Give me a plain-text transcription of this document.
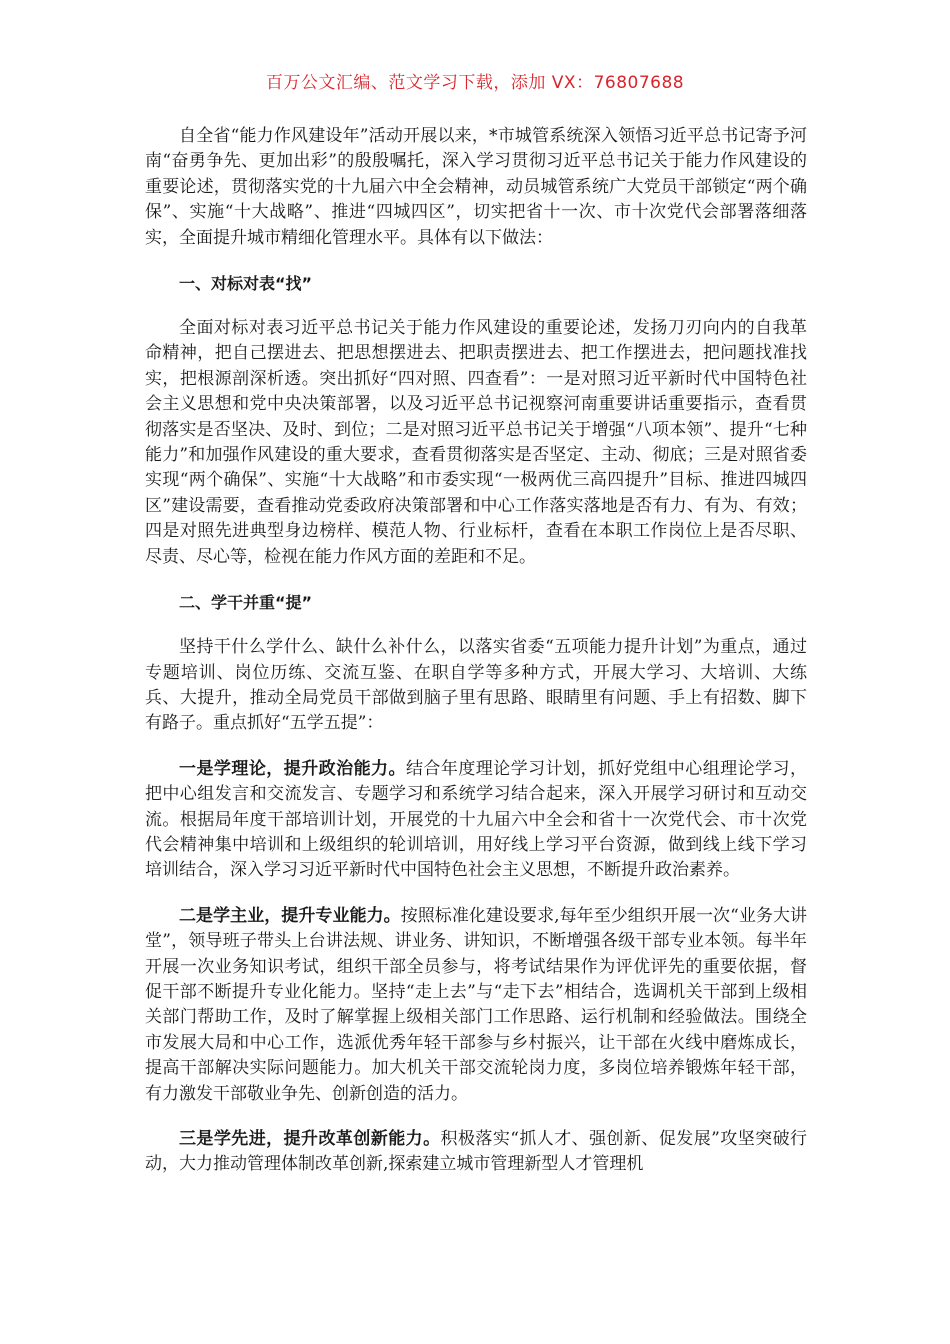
百万公文汇编、范文学习下载，添加 VX：76807688

自全省“能力作风建设年”活动开展以来，*市城管系统深入领悟习近平总书记寄予河南“奋勇争先、更加出彩”的殷殷嘱托，深入学习贯彻习近平总书记关于能力作风建设的重要论述，贯彻落实党的十九届六中全会精神，动员城管系统广大党员干部锁定“两个确保”、实施“十大战略”、推进“四城四区”，切实把省十一次、市十次党代会部署落细落实，全面提升城市精细化管理水平。具体有以下做法：

一、对标对表“找”

全面对标对表习近平总书记关于能力作风建设的重要论述，发扬刀刃向内的自我革命精神，把自己摆进去、把思想摆进去、把职责摆进去、把工作摆进去，把问题找准找实，把根源剖深析透。突出抓好“四对照、四查看”：一是对照习近平新时代中国特色社会主义思想和党中央决策部署，以及习近平总书记视察河南重要讲话重要指示，查看贯彻落实是否坚决、及时、到位；二是对照习近平总书记关于增强“八项本领”、提升“七种能力”和加强作风建设的重大要求，查看贯彻落实是否坚定、主动、彻底；三是对照省委实现“两个确保”、实施“十大战略”和市委实现“一极两优三高四提升”目标、推进四城四区”建设需要，查看推动党委政府决策部署和中心工作落实落地是否有力、有为、有效；四是对照先进典型身边榜样、模范人物、行业标杆，查看在本职工作岗位上是否尽职、尽责、尽心等，检视在能力作风方面的差距和不足。

二、学干并重“提”

坚持干什么学什么、缺什么补什么，以落实省委“五项能力提升计划”为重点，通过专题培训、岗位历练、交流互鉴、在职自学等多种方式，开展大学习、大培训、大练兵、大提升，推动全局党员干部做到脑子里有思路、眼睛里有问题、手上有招数、脚下有路子。重点抓好“五学五提”：

一是学理论，提升政治能力。结合年度理论学习计划，抓好党组中心组理论学习，把中心组发言和交流发言、专题学习和系统学习结合起来，深入开展学习研讨和互动交流。根据局年度干部培训计划，开展党的十九届六中全会和省十一次党代会、市十次党代会精神集中培训和上级组织的轮训培训，用好线上学习平台资源，做到线上线下学习培训结合，深入学习习近平新时代中国特色社会主义思想，不断提升政治素养。

二是学主业，提升专业能力。按照标准化建设要求,每年至少组织开展一次“业务大讲堂”，领导班子带头上台讲法规、讲业务、讲知识，不断增强各级干部专业本领。每半年开展一次业务知识考试，组织干部全员参与，将考试结果作为评优评先的重要依据，督促干部不断提升专业化能力。坚持“走上去”与“走下去”相结合，选调机关干部到上级相关部门帮助工作，及时了解掌握上级相关部门工作思路、运行机制和经验做法。围绕全市发展大局和中心工作，选派优秀年轻干部参与乡村振兴，让干部在火线中磨炼成长，提高干部解决实际问题能力。加大机关干部交流轮岗力度，多岗位培养锻炼年轻干部，有力激发干部敬业争先、创新创造的活力。

三是学先进，提升改革创新能力。积极落实“抓人才、强创新、促发展”攻坚突破行动，大力推动管理体制改革创新,探索建立城市管理新型人才管理机
